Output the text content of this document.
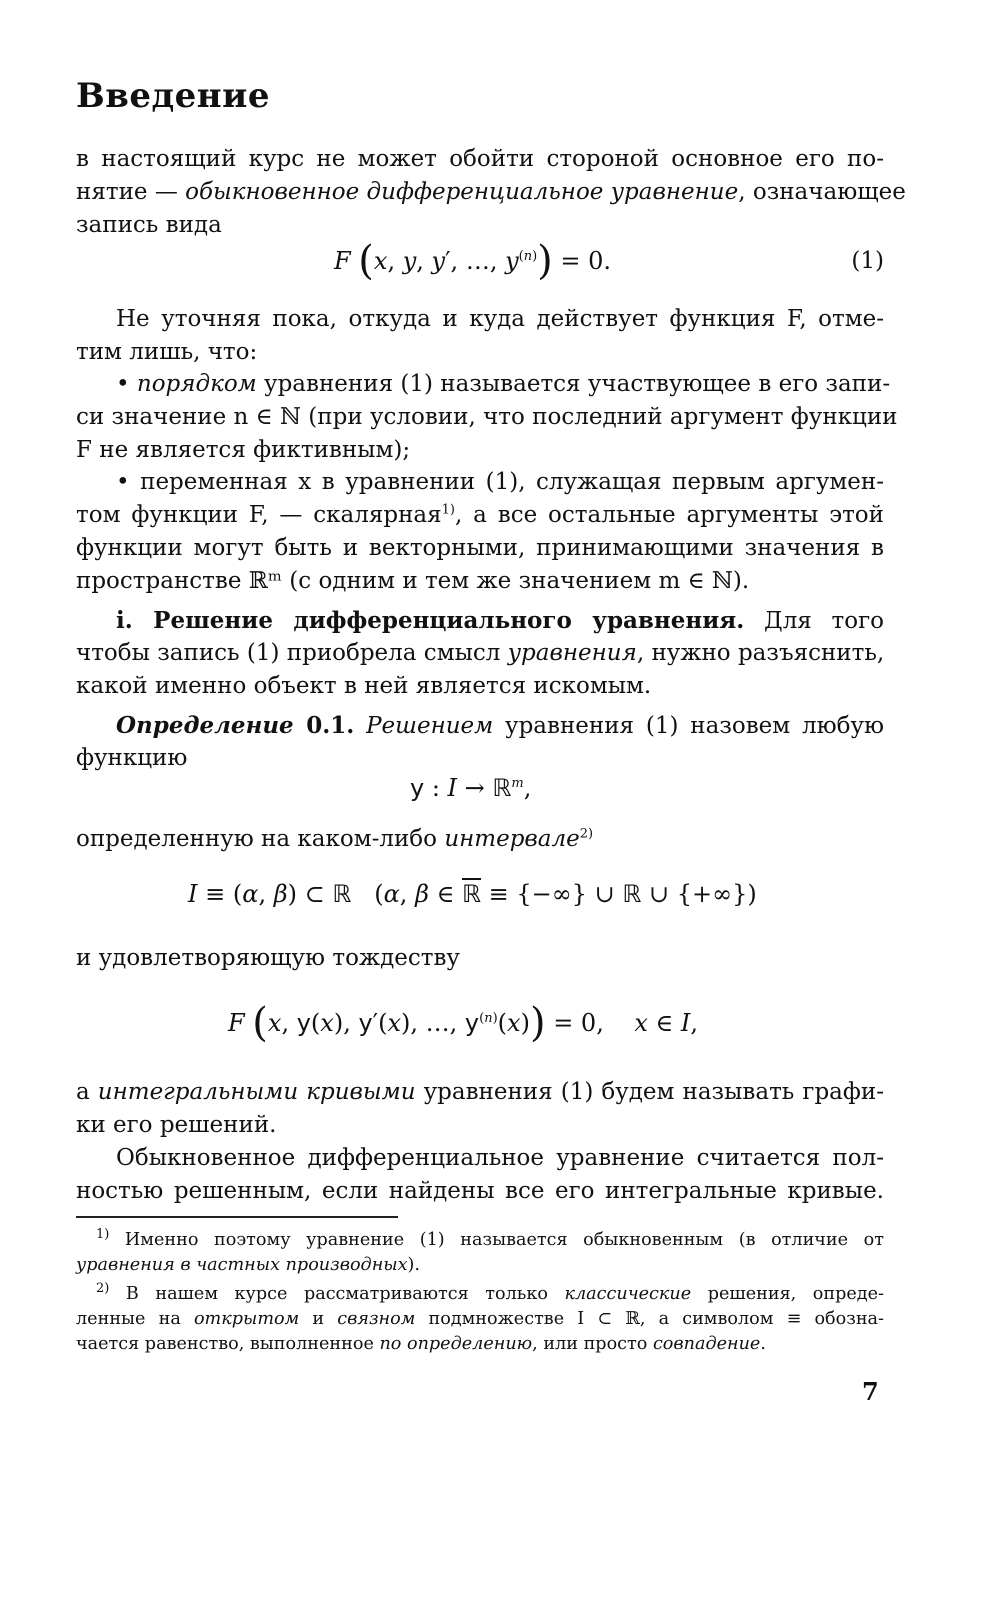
Введение
в настоящий курс не может обойти стороной основное его по-
нятие — обыкновенное дифференциальное уравнение, означающее
запись вида
F (x, y, y′, …, $y^{(n)}) = 0$.	(1)
Не уточняя пока, откуда и куда действует функция F, отме-
тим лишь, что:
• порядком уравнения (1) называется участвующее в его запи-
си значение n ∈ ℕ (при условии, что последний аргумент функции
F не является фиктивным);
• переменная x в уравнении (1), служащая первым аргумен-
том функции F, — скалярная$^{1)}$, а все остальные аргументы этой
функции могут быть и векторными, принимающими значения в
пространстве ℝᵐ (с одним и тем же значением m ∈ ℕ).
i. Решение дифференциального уравнения. Для того
чтобы запись (1) приобрела смысл уравнения, нужно разъяснить,
какой именно объект в ней является искомым.
Определение 0.1. Решением уравнения (1) назовем любую
функцию
y : I → ℝ$^m$,
определенную на каком-либо интервале$^{2)}$
I ≡ (α, β) ⊂ ℝ   (α, β ∈ ℝ ≡ {−∞} ∪ ℝ ∪ {+∞})
и удовлетворяющую тождеству
F (x, y(x), y′(x), …, $y^{(n)}(x)) = 0$,    x ∈ I,
а интегральными кривыми уравнения (1) будем называть графи-
ки его решений.
Обыкновенное дифференциальное уравнение считается пол-
ностью решенным, если найдены все его интегральные кривые.
$^{1)}$ Именно поэтому уравнение (1) называется обыкновенным (в отличие от
уравнения в частных производных).
$^{2)}$ В нашем курсе рассматриваются только классические решения, опреде-
ленные на открытом и связном подмножестве I ⊂ ℝ, а символом ≡ обозна-
чается равенство, выполненное по определению, или просто совпадение.
7
